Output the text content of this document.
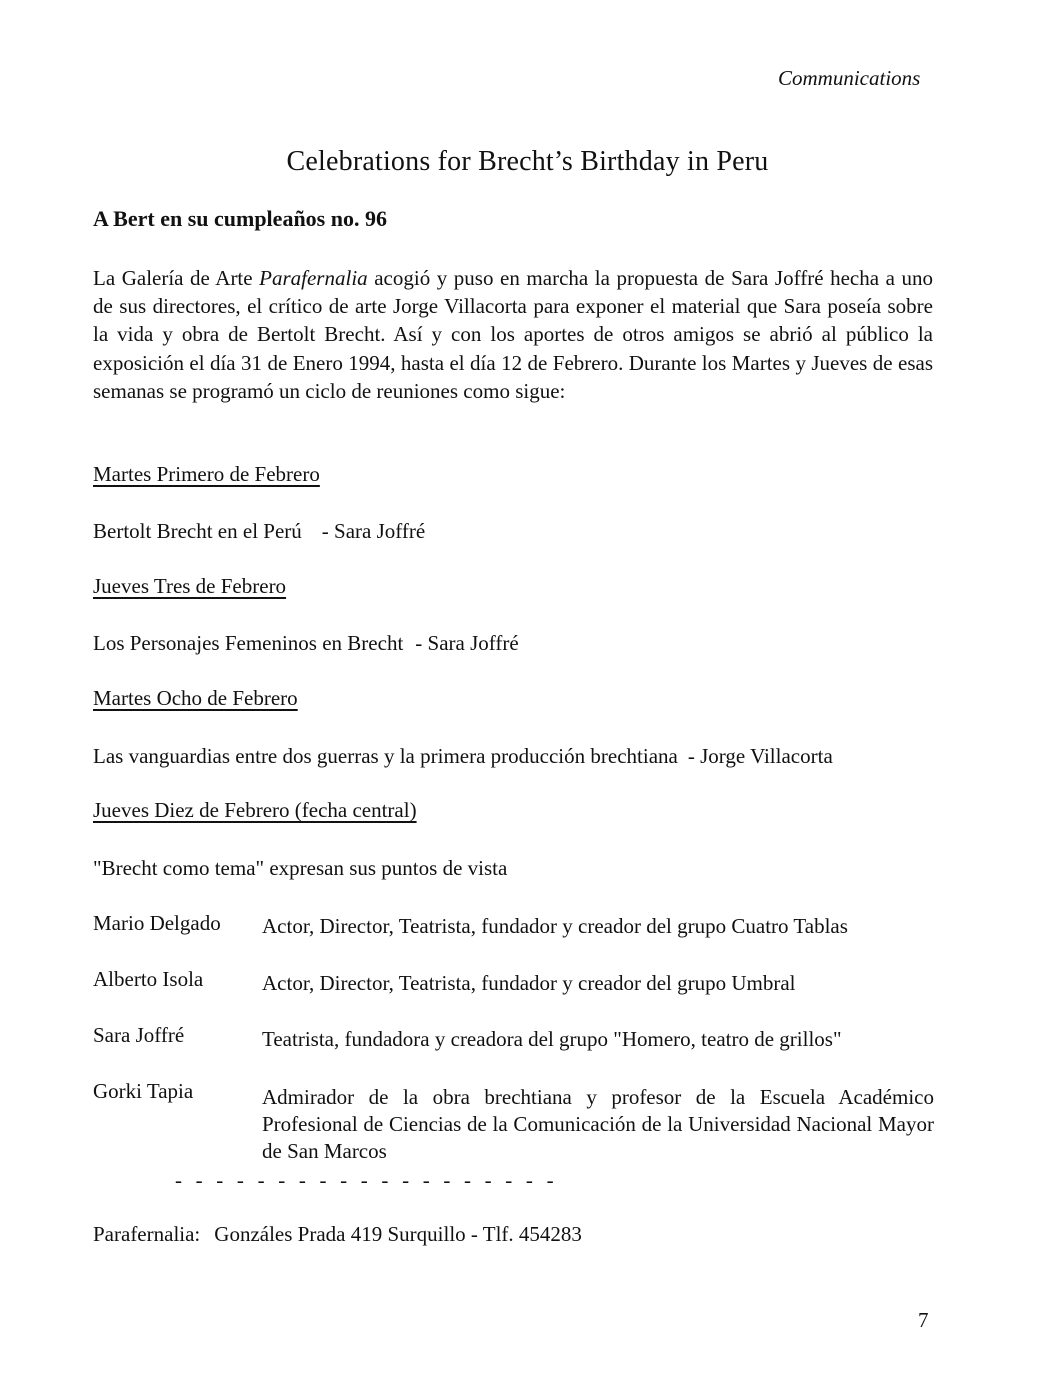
Communications
Celebrations for Brecht’s Birthday in Peru
A Bert en su cumpleaños no. 96
La Galería de Arte Parafernalia acogió y puso en marcha la propuesta de Sara Joffré hecha a uno de sus directores, el crítico de arte Jorge Villacorta para exponer el material que Sara poseía sobre la vida y obra de Bertolt Brecht. Así y con los aportes de otros amigos se abrió al público la exposición el día 31 de Enero 1994, hasta el día 12 de Febrero. Durante los Martes y Jueves de esas semanas se programó un ciclo de reuniones como sigue:
Martes Primero de Febrero
Bertolt Brecht en el Perú - Sara Joffré
Jueves Tres de Febrero
Los Personajes Femeninos en Brecht - Sara Joffré
Martes Ocho de Febrero
Las vanguardias entre dos guerras y la primera producción brechtiana - Jorge Villacorta
Jueves Diez de Febrero (fecha central)
"Brecht como tema" expresan sus puntos de vista
Mario Delgado Actor, Director, Teatrista, fundador y creador del grupo Cuatro Tablas
Alberto Isola	Actor, Director, Teatrista, fundador y creador del grupo Umbral
Sara Joffré	Teatrista, fundadora y creadora del grupo "Homero, teatro de grillos"
Gorki Tapia	Admirador de la obra brechtiana y profesor de la Escuela Académico Profesional de Ciencias de la Comunicación de la Universidad Nacional Mayor de San Marcos
- - - - - - - - - - - - - - - - - - -
Parafernalia: Gonzáles Prada 419 Surquillo - Tlf. 454283
7
